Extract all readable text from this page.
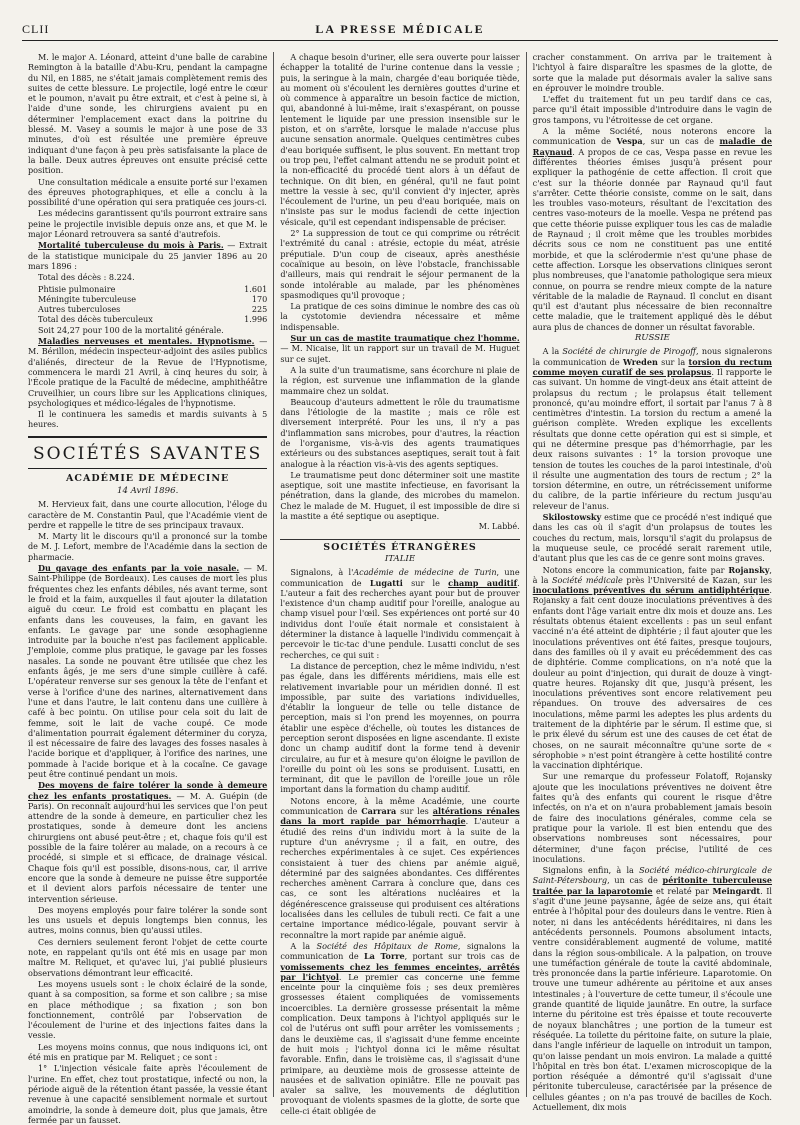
CLII	LA PRESSE MÉDICALE

M. le major A. Léonard, atteint d'une balle de carabine Remington à la bataille d'Abu-Kru, pendant la campagne du Nil, en 1885, ne s'était jamais complètement remis des suites de cette blessure. Le projectile, logé entre le cœur et le poumon, n'avait pu être extrait, et c'est à peine si, à l'aide d'une sonde, les chirurgiens avaient pu en déterminer l'emplacement exact dans la poitrine du blessé. M. Vasey a soumis le major à une pose de 33 minutes, d'où est résultée une première épreuve indiquant d'une façon à peu près satisfaisante la place de la balle. Deux autres épreuves ont ensuite précisé cette position.

Une consultation médicale a ensuite porté sur l'examen des épreuves photographiques, et elle a conclu à la possibilité d'une opération qui sera pratiquée ces jours-ci.

Les médecins garantissent qu'ils pourront extraire sans peine le projectile invisible depuis onze ans, et que M. le major Léonard retrouvera sa santé d'autrefois.

Mortalité tuberculeuse du mois à Paris. — Extrait de la statistique municipale du 25 janvier 1896 au 20 mars 1896 :

Total des décès : 8.224.

Phtisie pulmonaire	1.601
Méningite tuberculeuse	170
Autres tuberculoses	225
Total des décès tuberculeux	1.996

Soit 24,27 pour 100 de la mortalité générale.

Maladies nerveuses et mentales. Hypnotisme. — M. Bérillon, médecin inspecteur-adjoint des asiles publics d'aliénés, directeur de la Revue de l'Hypnotisme, commencera le mardi 21 Avril, à cinq heures du soir, à l'École pratique de la Faculté de médecine, amphithéâtre Cruveilhier, un cours libre sur les Applications cliniques, psychologiques et médico-légales de l'hypnotisme.

Il le continuera les samedis et mardis suivants à 5 heures.

SOCIÉTÉS SAVANTES
ACADÉMIE DE MÉDECINE
14 Avril 1896.

M. Hervieux fait, dans une courte allocution, l'éloge du caractère de M. Constantin Paul, que l'Académie vient de perdre et rappelle le titre de ses principaux travaux.

M. Marty lit le discours qu'il a prononcé sur la tombe de M. J. Lefort, membre de l'Académie dans la section de pharmacie.

Du gavage des enfants par la voie nasale. — M. Saint-Philippe (de Bordeaux). Les causes de mort les plus fréquentes chez les enfants débiles, nés avant terme, sont le froid et la faim, auxquelles il faut ajouter la dilatation aiguë du cœur. Le froid est combattu en plaçant les enfants dans les couveuses, la faim, en gavant les enfants. Le gavage par une sonde œsophagienne introduite par la bouche n'est pas facilement applicable. J'emploie, comme plus pratique, le gavage par les fosses nasales. La sonde ne pouvant être utilisée que chez les enfants âgés, je me sers d'une simple cuillère à café. L'opérateur renverse sur ses genoux la tête de l'enfant et verse à l'orifice d'une des narines, alternativement dans l'une et dans l'autre, le lait contenu dans une cuillère à café à bec pointu. On utilise pour cela soit du lait de femme, soit le lait de vache coupé. Ce mode d'alimentation pourrait également déterminer du coryza, il est nécessaire de faire des lavages des fosses nasales à l'acide borique et d'appliquer, à l'orifice des narines, une pommade à l'acide borique et à la cocaïne. Ce gavage peut être continué pendant un mois.

Des moyens de faire tolérer la sonde à demeure chez les enfants prostatiques. — M. A. Guépin (de Paris). On reconnaît aujourd'hui les services que l'on peut attendre de la sonde à demeure, en particulier chez les prostatiques, sonde à demeure dont les anciens chirurgiens ont abusé peut-être ; et, chaque fois qu'il est possible de la faire tolérer au malade, on a recours à ce procédé, si simple et si efficace, de drainage vésical. Chaque fois qu'il est possible, disons-nous, car, il arrive encore que la sonde à demeure ne puisse être supportée et il devient alors parfois nécessaire de tenter une intervention sérieuse.

Des moyens employés pour faire tolérer la sonde sont les uns usuels et depuis longtemps bien connus, les autres, moins connus, bien qu'aussi utiles.

Ces derniers seulement feront l'objet de cette courte note, en rappelant qu'ils ont été mis en usage par mon maître M. Reliquet, et qu'avec lui, j'ai publié plusieurs observations démontrant leur efficacité.

Les moyens usuels sont : le choix éclairé de la sonde, quant à sa composition, sa forme et son calibre ; sa mise en place méthodique ; sa fixation ; son bon fonctionnement, contrôlé par l'observation de l'écoulement de l'urine et des injections faites dans la vessie.

Les moyens moins connus, que nous indiquons ici, ont été mis en pratique par M. Reliquet ; ce sont :

1° L'injection vésicale faite après l'écoulement de l'urine. En effet, chez tout prostatique, infecté ou non, la période aiguë de la rétention étant passée, la vessie étant revenue à une capacité sensiblement normale et surtout amoindrie, la sonde à demeure doit, plus que jamais, être fermée par un fausset.

A chaque besoin d'uriner, elle sera ouverte pour laisser échapper la totalité de l'urine contenue dans la vessie ; puis, la seringue à la main, chargée d'eau boriquée tiède, au moment où s'écoulent les dernières gouttes d'urine et où commence à apparaître un besoin factice de miction, qui, abandonné à lui-même, irait s'exaspérant, on pousse lentement le liquide par une pression insensible sur le piston, et on s'arrête, lorsque le malade n'accuse plus aucune sensation anormale. Quelques centimètres cubes d'eau boriquée suffisent, le plus souvent. En mettant trop ou trop peu, l'effet calmant attendu ne se produit point et la non-efficacité du procédé tient alors à un défaut de technique. On dit bien, en général, qu'il ne faut point mettre la vessie à sec, qu'il convient d'y injecter, après l'écoulement de l'urine, un peu d'eau boriquée, mais on n'insiste pas sur le modus faciendi de cette injection vésicale, qu'il est cependant indispensable de préciser.

2° La suppression de tout ce qui comprime ou rétrécit l'extrémité du canal : atrésie, ectopie du méat, atrésie préputiale. D'un coup de ciseaux, après anesthésie cocaïnique au besoin, on lève l'obstacle, franchissable d'ailleurs, mais qui rendrait le séjour permanent de la sonde intolérable au malade, par les phénomènes spasmodiques qu'il provoque ;

La pratique de ces soins diminue le nombre des cas où la cystotomie deviendra nécessaire et même indispensable.

Sur un cas de mastite traumatique chez l'homme. — M. Nicaise, lit un rapport sur un travail de M. Huguet sur ce sujet.

A la suite d'un traumatisme, sans écorchure ni plaie de la région, est survenue une inflammation de la glande mammaire chez un soldat.

Beaucoup d'auteurs admettent le rôle du traumatisme dans l'étiologie de la mastite ; mais ce rôle est diversement interprété. Pour les uns, il n'y a pas d'inflammation sans microbes, pour d'autres, la réaction de l'organisme, vis-à-vis des agents traumatiques extérieurs ou des substances aseptiques, serait tout à fait analogue à la réaction vis-à-vis des agents septiques.

Le traumatisme peut donc déterminer soit une mastite aseptique, soit une mastite infectieuse, en favorisant la pénétration, dans la glande, des microbes du mamelon. Chez le malade de M. Huguet, il est impossible de dire si la mastite a été septique ou aseptique.

M. Labbé.
SOCIÉTÉS ÉTRANGÈRES
ITALIE

Signalons, à l'Académie de médecine de Turin, une communication de Lugatti sur le champ auditif. L'auteur a fait des recherches ayant pour but de prouver l'existence d'un champ auditif pour l'oreille, analogue au champ visuel pour l'œil. Ses expériences ont porté sur 40 individus dont l'ouïe était normale et consistaient à déterminer la distance à laquelle l'individu commençait à percevoir le tic-tac d'une pendule. Lusatti conclut de ses recherches, ce qui suit :

La distance de perception, chez le même individu, n'est pas égale, dans les différents méridiens, mais elle est relativement invariable pour un méridien donné. Il est impossible, par suite des variations individuelles, d'établir la longueur de telle ou telle distance de perception, mais si l'on prend les moyennes, on pourra établir une espèce d'échelle, où toutes les distances de perception seront disposées en ligne ascendante. Il existe donc un champ auditif dont la forme tend à devenir circulaire, au fur et à mesure qu'on éloigne le pavillon de l'oreille du point où les sons se produisent. Lusatti, en terminant, dit que le pavillon de l'oreille joue un rôle important dans la formation du champ auditif.

Notons encore, à la même Académie, une courte communication de Carrara sur les altérations rénales dans la mort rapide par hémorrhagie. L'auteur a étudié des reins d'un individu mort à la suite de la rupture d'un anévrysme ; il a fait, en outre, des recherches expérimentales à ce sujet. Ces expériences consistaient à tuer des chiens par anémie aiguë, déterminé par des saignées abondantes. Ces différentes recherches amènent Carrara à conclure que, dans ces cas, ce sont les altérations nucléaires et la dégénérescence graisseuse qui produisent ces altérations localisées dans les cellules de tubuli recti. Ce fait a une certaine importance médico-légale, pouvant servir à reconnaître la mort rapide par anémie aiguë.

A la Société des Hôpitaux de Rome, signalons la communication de La Torre, portant sur trois cas de vomissements chez les femmes enceintes, arrêtés par l'ichtyol. Le premier cas concerne une femme enceinte pour la cinquième fois ; ses deux premières grossesses étaient compliquées de vomissements incoercibles. La dernière grossesse présentait la même complication. Deux tampons à l'ichtyol appliqués sur le col de l'utérus ont suffi pour arrêter les vomissements ; dans le deuxième cas, il s'agissait d'une femme enceinte de huit mois ; l'ichtyol donna ici le même résultat favorable. Enfin, dans le troisième cas, il s'agissait d'une primipare, au deuxième mois de grossesse atteinte de nausées et de salivation opiniâtre. Elle ne pouvait pas avaler sa salive, les mouvements de déglutition provoquant de violents spasmes de la glotte, de sorte que celle-ci était obligée de

cracher constamment. On arriva par le traitement à l'ichtyol à faire disparaître les spasmes de la glotte, de sorte que la malade put désormais avaler la salive sans en éprouver le moindre trouble.

L'effet du traitement fut un peu tardif dans ce cas, parce qu'il était impossible d'introduire dans le vagin de gros tampons, vu l'étroitesse de cet organe.

A la même Société, nous noterons encore la communication de Vespa, sur un cas de maladie de Raynaud. A propos de ce cas, Vespa passe en revue les différentes théories émises jusqu'à présent pour expliquer la pathogénie de cette affection. Il croit que c'est sur la théorie donnée par Raynaud qu'il faut s'arrêter. Cette théorie consiste, comme on le sait, dans les troubles vaso-moteurs, résultant de l'excitation des centres vaso-moteurs de la moelle. Vespa ne prétend pas que cette théorie puisse expliquer tous les cas de maladie de Raynaud ; il croit même que les troubles morbides décrits sous ce nom ne constituent pas une entité morbide, et que la sclérodermie n'est qu'une phase de cette affection. Lorsque les observations cliniques seront plus nombreuses, que l'anatomie pathologique sera mieux connue, on pourra se rendre mieux compte de la nature véritable de la maladie de Raynaud. Il conclut en disant qu'il est d'autant plus nécessaire de bien reconnaître cette maladie, que le traitement appliqué dès le début aura plus de chances de donner un résultat favorable.

RUSSIE

A la Société de chirurgie de Pirogoff, nous signalerons la communication de Wreden sur la torsion du rectum comme moyen curatif de ses prolapsus. Il rapporte le cas suivant. Un homme de vingt-deux ans était atteint de prolapsus du rectum ; le prolapsus était tellement prononcé, qu'au moindre effort, il sortait par l'anus 7 à 8 centimètres d'intestin. La torsion du rectum a amené la guérison complète. Wreden explique les excellents résultats que donne cette opération qui est si simple, et qui ne détermine presque pas d'hémorrhagie, par les deux raisons suivantes : 1° la torsion provoque une tension de toutes les couches de la paroi intestinale, d'où il résulte une augmentation des tours de rectum ; 2° la torsion détermine, en outre, un rétrécissement uniforme du calibre, de la partie inférieure du rectum jusqu'au releveur de l'anus.

Skilostowsky estime que ce procédé n'est indiqué que dans les cas où il s'agit d'un prolapsus de toutes les couches du rectum, mais, lorsqu'il s'agit du prolapsus de la muqueuse seule, ce procédé serait rarement utile, d'autant plus que les cas de ce genre sont moins graves.

Notons encore la communication, faite par Rojansky, à la Société médicale près l'Université de Kazan, sur les inoculations préventives du sérum antidiphtérique. Rojansky a fait cent douze inoculations préventives à des enfants dont l'âge variait entre dix mois et douze ans. Les résultats obtenus étaient excellents : pas un seul enfant vacciné n'a été atteint de diphtérie ; il faut ajouter que les inoculations préventives ont été faites, presque toujours, dans des familles où il y avait eu précédemment des cas de diphtérie. Comme complications, on n'a noté que la douleur au point d'injection, qui durait de douze à vingt-quatre heures. Rojansky dit que, jusqu'à présent, les inoculations préventives sont encore relativement peu répandues. On trouve des adversaires de ces inoculations, même parmi les adeptes les plus ardents du traitement de la diphtérie par le sérum. Il estime que, si le prix élevé du sérum est une des causes de cet état de choses, on ne saurait méconnaître qu'une sorte de « sérophobie » n'est point étrangère à cette hostilité contre la vaccination diphtérique.

Sur une remarque du professeur Folatoff, Rojansky ajoute que les inoculations préventives ne doivent être faites qu'à des enfants qui courent le risque d'être infectés, on n'a et on n'aura probablement jamais besoin de faire des inoculations générales, comme cela se pratique pour la variole. Il est bien entendu que des observations nombreuses sont nécessaires, pour déterminer, d'une façon précise, l'utilité de ces inoculations.

Signalons enfin, à la Société médico-chirurgicale de Saint-Pétersbourg, un cas de péritonite tuberculeuse traitée par la laparotomie et relaté par Meingardt. Il s'agit d'une jeune paysanne, âgée de seize ans, qui était entrée à l'hôpital pour des douleurs dans le ventre. Rien à noter, ni dans les antécédents héréditaires, ni dans les antécédents personnels. Poumons absolument intacts, ventre considérablement augmenté de volume, matité dans la région sous-ombilicale. A la palpation, on trouve une tuméfaction générale de toute la cavité abdominale, très prononcée dans la partie inférieure. Laparotomie. On trouve une tumeur adhérente au péritoine et aux anses intestinales ; à l'ouverture de cette tumeur, il s'écoule une grande quantité de liquide jaunâtre. En outre, la surface interne du péritoine est très épaisse et toute recouverte de noyaux blanchâtres ; une portion de la tumeur est réséquée. La toilette du péritoine faite, on suture la plaie, dans l'angle inférieur de laquelle on introduit un tampon, qu'on laisse pendant un mois environ. La malade a quitté l'hôpital en très bon état. L'examen microscopique de la portion réséquée a démontré qu'il s'agissait d'une péritonite tuberculeuse, caractérisée par la présence de cellules géantes ; on n'a pas trouvé de bacilles de Koch. Actuellement, dix mois
